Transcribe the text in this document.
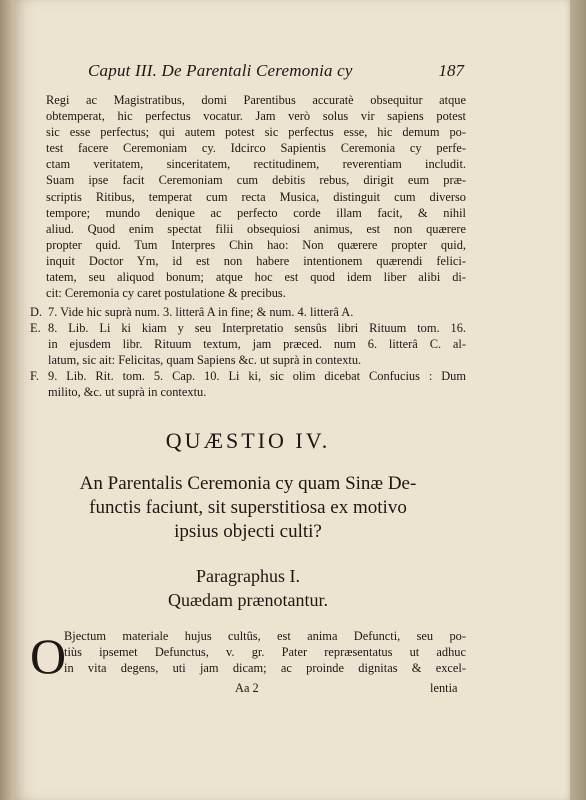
Caput III. De Parentali Ceremonia cy	187
Regi ac Magistratibus, domi Parentibus accuratè obsequitur atque
obtemperat, hic perfectus vocatur. Jam verò solus vir sapiens potest
sic esse perfectus; qui autem potest sic perfectus esse, hic demum po-
test facere Ceremoniam cy. Idcirco Sapientis Ceremonia cy perfe-
ctam veritatem, sinceritatem, rectitudinem, reverentiam includit.
Suam ipse facit Ceremoniam cum debitis rebus, dirigit eum præ-
scriptis Ritibus, temperat cum recta Musica, distinguit cum diverso
tempore; mundo denique ac perfecto corde illam facit, & nihil
aliud. Quod enim spectat filii obsequiosi animus, est non quærere
propter quid. Tum Interpres Chin hao: Non quærere propter quid,
inquit Doctor Ym, id est non habere intentionem quærendi felici-
tatem, seu aliquod bonum; atque hoc est quod idem liber alibi di-
cit: Ceremonia cy caret postulatione & precibus.
D. 7. Vide hic suprà num. 3. litterâ A in fine; & num. 4. litterâ A.
E. 8. Lib. Li ki kiam y seu Interpretatio sensûs libri Rituum tom. 16.
in ejusdem libr. Rituum textum, jam præced. num 6. litterâ C. al-
latum, sic ait: Felicitas, quam Sapiens &c. ut suprà in contextu.
F. 9. Lib. Rit. tom. 5. Cap. 10. Li ki, sic olim dicebat Confucius : Dum
milito, &c. ut suprà in contextu.
QUÆSTIO IV.
An Parentalis Ceremonia cy quam Sinæ De-
functis faciunt, sit superstitiosa ex motivo
ipsius objecti culti?
Paragraphus I.
Quædam prænotantur.
O
Bjectum materiale hujus cultûs, est anima Defuncti, seu po-
tiùs ipsemet Defunctus, v. gr. Pater repræsentatus ut adhuc
in vita degens, uti jam dicam; ac proinde dignitas & excel-
Aa 2	lentia
